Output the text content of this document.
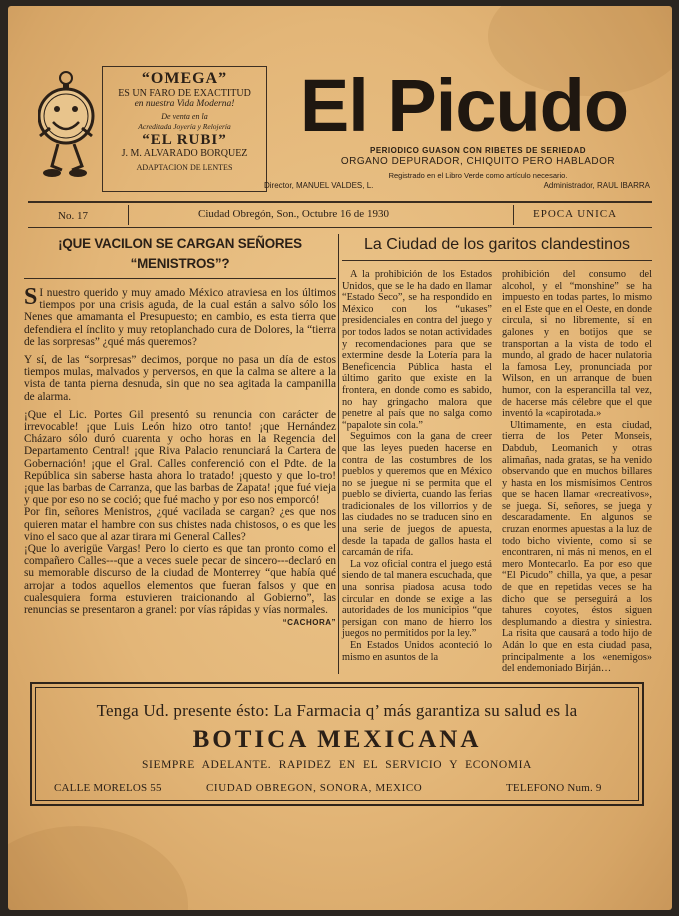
“OMEGA”
ES UN FARO DE EXACTITUD
en nuestra Vida Moderna!
De venta en la
Acreditada Joyería y Relojería
“EL RUBI”
J. M. ALVARADO BORQUEZ
ADAPTACION DE LENTES
El Picudo
PERIODICO GUASON CON RIBETES DE SERIEDAD
ORGANO DEPURADOR, CHIQUITO PERO HABLADOR
Registrado en el Libro Verde como artículo necesario.
Director, MANUEL VALDES, L.	Administrador, RAUL IBARRA
No. 17	Ciudad Obregón, Son., Octubre 16 de 1930	EPOCA UNICA
¡QUE VACILON SE CARGAN SEÑORES “MENISTROS”?

S I nuestro querido y muy amado México atraviesa en los últimos tiempos por una crisis aguda, de la cual están a salvo sólo los Nenes que amamanta el Presupuesto; en cambio, es esta tierra que defendiera el ínclito y muy retoplanchado cura de Dolores, la “tierra de las sorpresas” ¿qué más queremos?

Y sí, de las “sorpresas” decimos, porque no pasa un día de estos tiempos mulas, malvados y perversos, en que la calma se altere a la vista de tanta pierna desnuda, sin que no sea agitada la campanilla de alarma.

¡Que el Lic. Portes Gil presentó su renuncia con carácter de irrevocable! ¡que Luis León hizo otro tanto! ¡que Hernández Cházaro sólo duró cuarenta y ocho horas en la Regencia del Departamento Central! ¡que Riva Palacio renunciará la Cartera de Gobernación! ¡que el Gral. Calles conferenció con el Pdte. de la República sin saberse hasta ahora lo tratado! ¡questo y que lo-tro! ¡que las barbas de Carranza, que las barbas de Zapata! ¡que fué vieja y que por eso no se coció; que fué macho y por eso nos emporcó!

Por fin, señores Menistros, ¿qué vacilada se cargan? ¿es que nos quieren matar el hambre con sus chistes nada chistosos, o es que les vino el saco que al azar tirara mi General Calles?

¡Que lo averigüe Vargas! Pero lo cierto es que tan pronto como el compañero Calles---que a veces suele pecar de sincero---declaró en su memorable discurso de la ciudad de Monterrey “que había qué arrojar a todos aquellos elementos que fueran falsos y que en cualesquiera forma estuvieren traicionando al Gobierno”, las renuncias se presentaron a granel: por vías rápidas y vías normales.

“CACHORA”
La Ciudad de los garitos clandestinos

A la prohibición de los Estados Unidos, que se le ha dado en llamar “Estado Seco”, se ha respondido en México con los “ukases” presidenciales en contra del juego y por todos lados se notan actividades y recomendaciones para que se extermine desde la Lotería para la Beneficencia Pública hasta el último garito que existe en la frontera, en donde como es sabido, no hay gringacho malora que penetre al país que no salga como “papalote sin cola.”

Seguimos con la gana de creer que las leyes pueden hacerse en contra de las costumbres de los pueblos y queremos que en México no se juegue ni se permita que el pueblo se divierta, cuando las ferias tradicionales de los villorrios y de las ciudades no se traducen sino en una serie de juegos de apuesta, desde la tapada de gallos hasta el carcamán de rifa.

La voz oficial contra el juego está siendo de tal manera escuchada, que una sonrisa piadosa acusa todo circular en donde se exige a las autoridades de los municipios “que persigan con mano de hierro los juegos no permitidos por la ley.”

En Estados Unidos aconteció lo mismo en asuntos de la

prohibición del consumo del alcohol, y el “monshine” se ha impuesto en todas partes, lo mismo en el Este que en el Oeste, en donde circula, si no libremente, sí en galones y en botijos que se transportan a la vista de todo el mundo, al grado de hacer nulatoria la famosa Ley, pronunciada por Wilson, en un arranque de buen humor, con la esperancilla tal vez, de hacerse más célebre que el que inventó la «capirotada.»

Ultimamente, en esta ciudad, tierra de los Peter Monseis, Dabdub, Leomanich y otras alimañas, nada gratas, se ha venido observando que en muchos billares y hasta en los mismísimos Centros que se hacen llamar «recreativos», se juega. Sí, señores, se juega y descaradamente. En algunos se cruzan enormes apuestas a la luz de todo bicho viviente, como si se encontraren, ni más ni menos, en el mero Montecarlo. Ea por eso que “El Picudo” chilla, ya que, a pesar de que en repetidas veces se ha dicho que se perseguirá a los tahures coyotes, éstos siguen desplumando a diestra y siniestra. La risita que causará a todo hijo de Adán lo que en esta ciudad pasa, principalmente a los «enemigos» del endemoniado Birján…

Tenga Ud. presente ésto: La Farmacia q’ más garantiza su salud es la
BOTICA MEXICANA
SIEMPRE ADELANTE. RAPIDEZ EN EL SERVICIO Y ECONOMIA
CALLE MORELOS 55	CIUDAD OBREGON, SONORA, MEXICO	TELEFONO Num. 9
